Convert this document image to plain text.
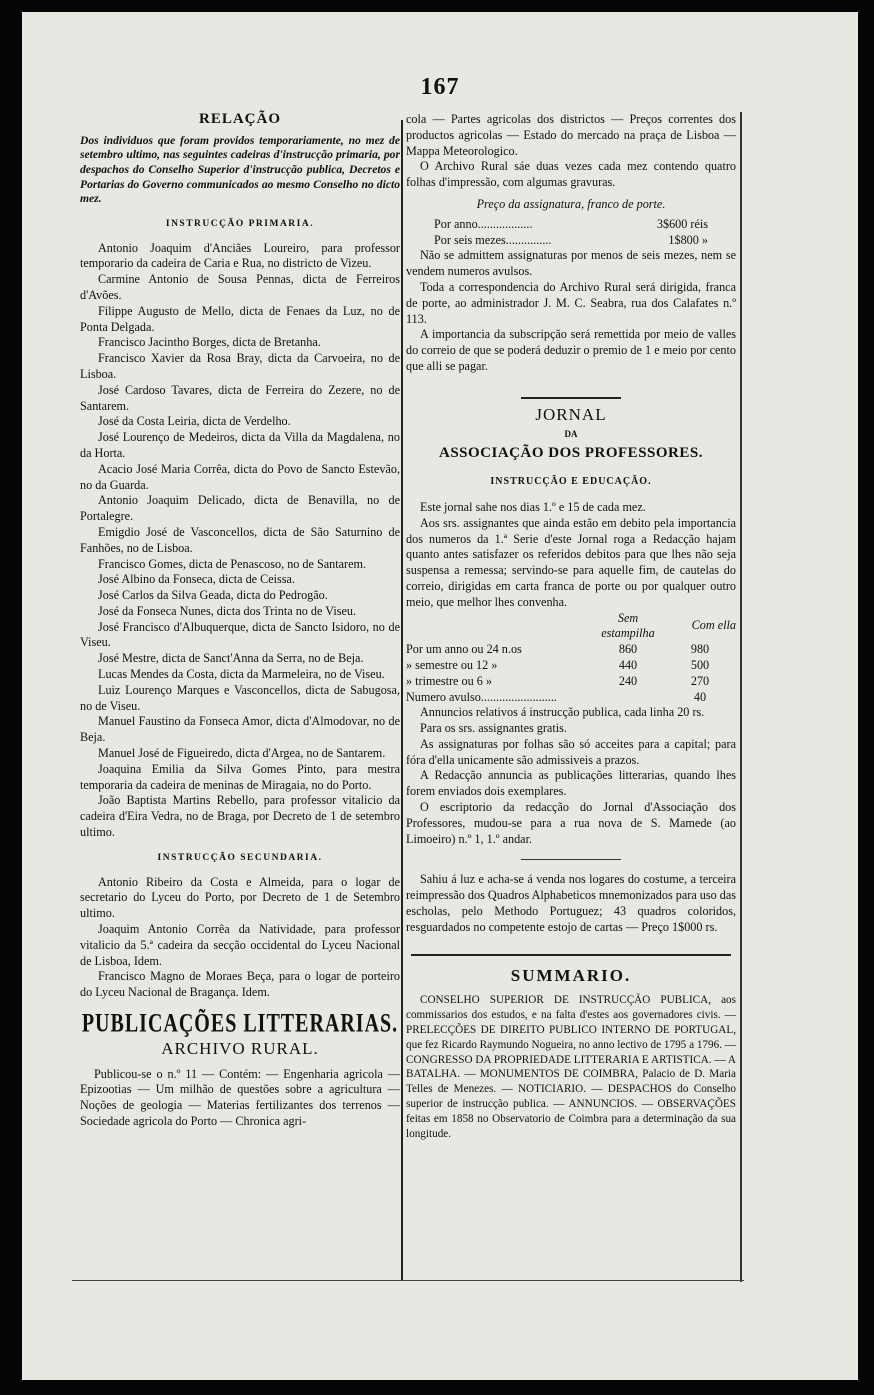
167
RELAÇÃO

Dos individuos que foram providos temporariamente, no mez de setembro ultimo, nas seguintes cadeiras d'instrucção primaria, por despachos do Conselho Superior d'instrucção publica, Decretos e Portarias do Governo communicados ao mesmo Conselho no dicto mez.

INSTRUCÇÃO PRIMARIA.

Antonio Joaquim d'Anciães Loureiro, para professor temporario da cadeira de Caria e Rua, no districto de Vizeu.

Carmine Antonio de Sousa Pennas, dicta de Ferreiros d'Avões.

Filippe Augusto de Mello, dicta de Fenaes da Luz, no de Ponta Delgada.

Francisco Jacintho Borges, dicta de Bretanha.

Francisco Xavier da Rosa Bray, dicta da Carvoeira, no de Lisboa.

José Cardoso Tavares, dicta de Ferreira do Zezere, no de Santarem.

José da Costa Leiria, dicta de Verdelho.

José Lourenço de Medeiros, dicta da Villa da Magdalena, no da Horta.

Acacio José Maria Corrêa, dicta do Povo de Sancto Estevão, no da Guarda.

Antonio Joaquim Delicado, dicta de Benavilla, no de Portalegre.

Emigdio José de Vasconcellos, dicta de São Saturnino de Fanhões, no de Lisboa.

Francisco Gomes, dicta de Penascoso, no de Santarem.

José Albino da Fonseca, dicta de Ceissa.

José Carlos da Silva Geada, dicta do Pedrogão.

José da Fonseca Nunes, dicta dos Trinta no de Viseu.

José Francisco d'Albuquerque, dicta de Sancto Isidoro, no de Viseu.

José Mestre, dicta de Sanct'Anna da Serra, no de Beja.

Lucas Mendes da Costa, dicta da Marmeleira, no de Viseu.

Luiz Lourenço Marques e Vasconcellos, dicta de Sabugosa, no de Viseu.

Manuel Faustino da Fonseca Amor, dicta d'Almodovar, no de Beja.

Manuel José de Figueiredo, dicta d'Argea, no de Santarem.

Joaquina Emilia da Silva Gomes Pinto, para mestra temporaria da cadeira de meninas de Miragaia, no do Porto.

João Baptista Martins Rebello, para professor vitalicio da cadeira d'Eira Vedra, no de Braga, por Decreto de 1 de setembro ultimo.

INSTRUCÇÃO SECUNDARIA.

Antonio Ribeiro da Costa e Almeida, para o logar de secretario do Lyceu do Porto, por Decreto de 1 de Setembro ultimo.

Joaquim Antonio Corrêa da Natividade, para professor vitalicio da 5.ª cadeira da secção occidental do Lyceu Nacional de Lisboa, Idem.

Francisco Magno de Moraes Beça, para o logar de porteiro do Lyceu Nacional de Bragança. Idem.

PUBLICAÇÕES LITTERARIAS.
ARCHIVO RURAL.

Publicou-se o n.º 11 — Contém: — Engenharia agricola — Epizootias — Um milhão de questões sobre a agricultura — Noções de geologia — Materias fertilizantes dos terrenos — Sociedade agricola do Porto — Chronica agri-

cola — Partes agricolas dos districtos — Preços correntes dos productos agricolas — Estado do mercado na praça de Lisboa — Mappa Meteorologico.

O Archivo Rural sáe duas vezes cada mez contendo quatro folhas d'impressão, com algumas gravuras.

Preço da assignatura, franco de porte.
Por anno..................	3$600 réis
Por seis mezes...............	1$800 »

Não se admittem assignaturas por menos de seis mezes, nem se vendem numeros avulsos.

Toda a correspondencia do Archivo Rural será dirigida, franca de porte, ao administrador J. M. C. Seabra, rua dos Calafates n.º 113.

A importancia da subscripção será remettida por meio de valles do correio de que se poderá deduzir o premio de 1 e meio por cento que alli se pagar.

JORNAL
DA
ASSOCIAÇÃO DOS PROFESSORES.
INSTRUCÇÃO E EDUCAÇÃO.

Este jornal sahe nos dias 1.º e 15 de cada mez.

Aos srs. assignantes que ainda estão em debito pela importancia dos numeros da 1.ª Serie d'este Jornal roga a Redacção hajam quanto antes satisfazer os referidos debitos para que lhes não seja suspensa a remessa; servindo-se para aquelle fim, de cautelas do correio, dirigidas em carta franca de porte ou por qualquer outro meio, que melhor lhes convenha.

	Sem estampilha	Com ella
Por um anno ou 24 n.os	860	980
» semestre ou 12 »	440	500
» trimestre ou 6 »	240	270
Numero avulso.........................		40

Annuncios relativos á instrucção publica, cada linha 20 rs.

Para os srs. assignantes gratis.

As assignaturas por folhas são só acceites para a capital; para fóra d'ella unicamente são admissiveis a prazos.

A Redacção annuncia as publicações litterarias, quando lhes forem enviados dois exemplares.

O escriptorio da redacção do Jornal d'Associação dos Professores, mudou-se para a rua nova de S. Mamede (ao Limoeiro) n.º 1, 1.º andar.

Sahiu á luz e acha-se á venda nos logares do costume, a terceira reimpressão dos Quadros Alphabeticos mnemonizados para uso das escholas, pelo Methodo Portuguez; 43 quadros coloridos, resguardados no competente estojo de cartas — Preço 1$000 rs.

SUMMARIO.

CONSELHO SUPERIOR DE INSTRUCÇÃO PUBLICA, aos commissarios dos estudos, e na falta d'estes aos governadores civis. — PRELECÇÕES DE DIREITO PUBLICO INTERNO DE PORTUGAL, que fez Ricardo Raymundo Nogueira, no anno lectivo de 1795 a 1796. — CONGRESSO DA PROPRIEDADE LITTERARIA E ARTISTICA. — A BATALHA. — MONUMENTOS DE COIMBRA, Palacio de D. Maria Telles de Menezes. — NOTICIARIO. — DESPACHOS do Conselho superior de instrucção publica. — ANNUNCIOS. — OBSERVAÇÕES feitas em 1858 no Observatorio de Coimbra para a determinação da sua longitude.
